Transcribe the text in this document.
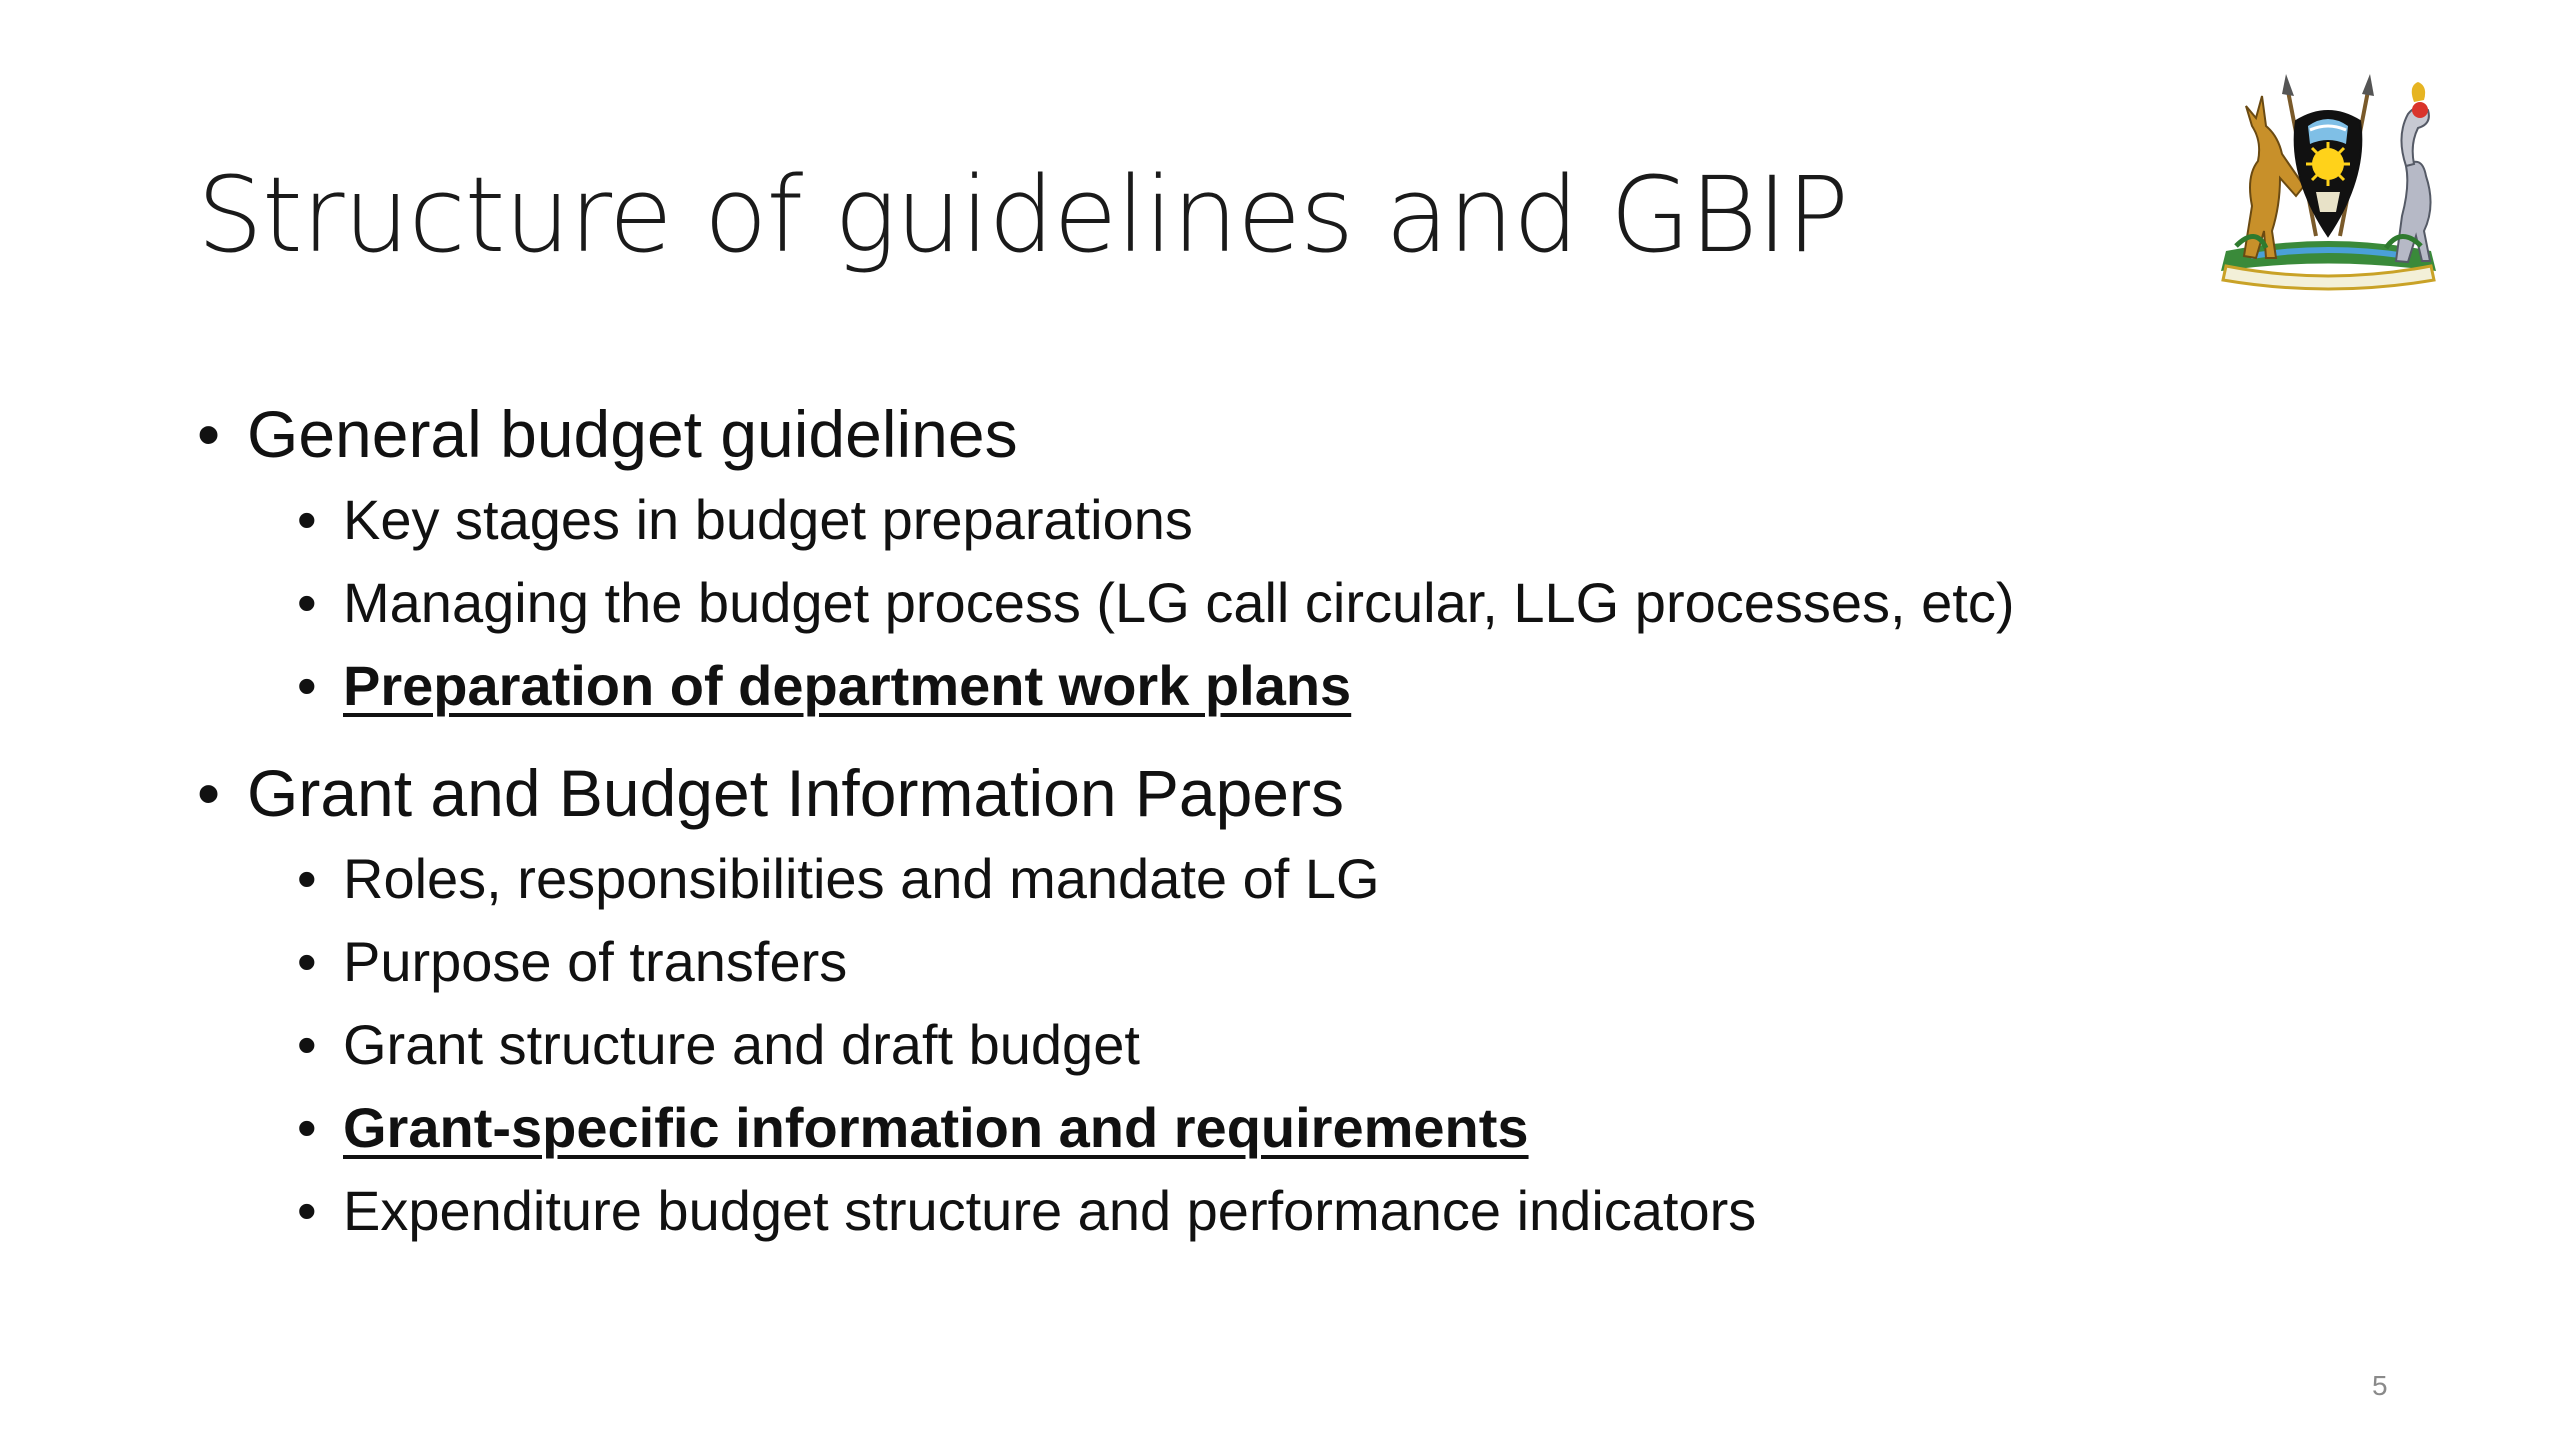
Structure of guidelines and GBIP
• General budget guidelines
• Key stages in budget preparations
• Managing the budget process (LG call circular, LLG processes, etc)
• Preparation of department work plans
• Grant and Budget Information Papers
• Roles, responsibilities and mandate of LG
• Purpose of transfers
• Grant structure and draft budget
• Grant-specific information and requirements
• Expenditure budget structure and performance indicators
5
